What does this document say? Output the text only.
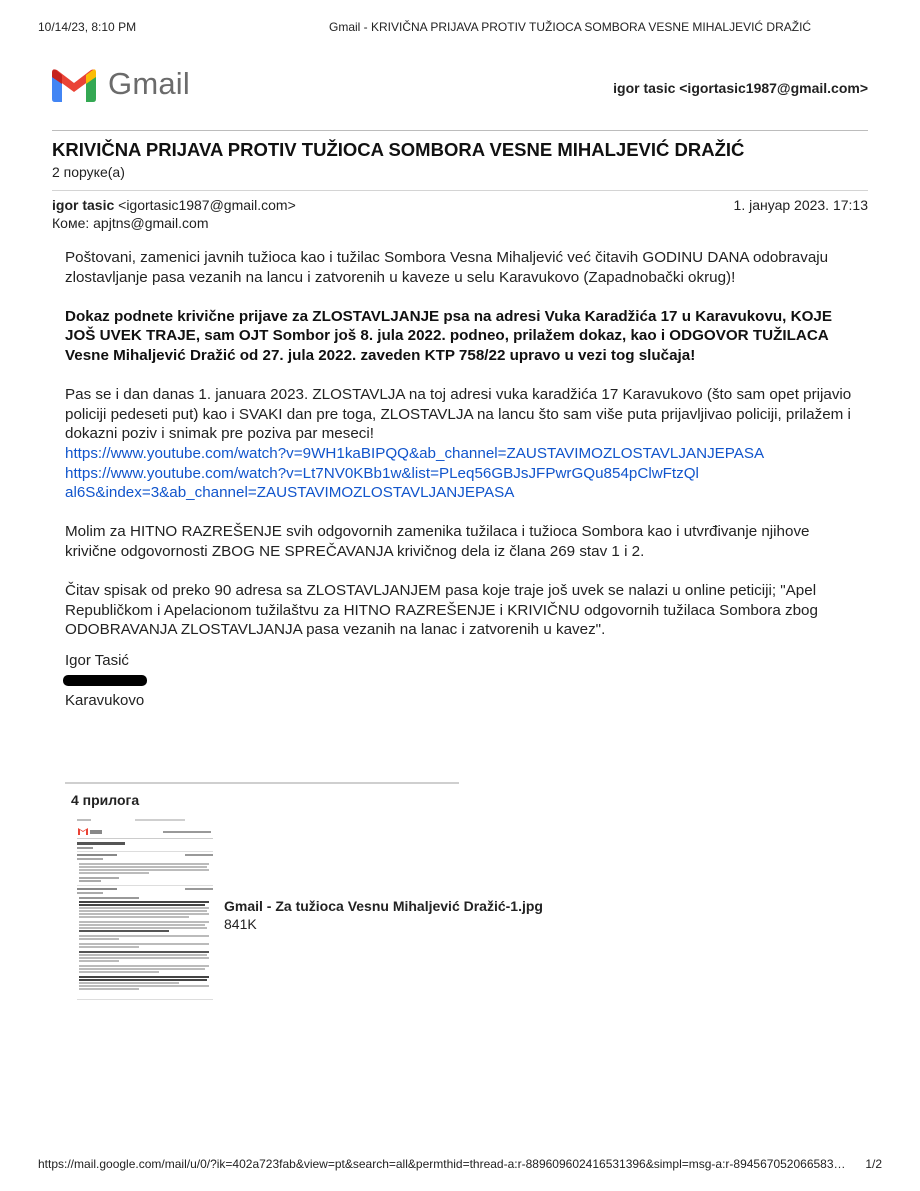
10/14/23, 8:10 PM	Gmail - KRIVIČNA PRIJAVA PROTIV TUŽIOCA SOMBORA VESNE MIHALJEVIĆ DRAŽIĆ
Gmail	igor tasic <igortasic1987@gmail.com>
KRIVIČNA PRIJAVA PROTIV TUŽIOCA SOMBORA VESNE MIHALJEVIĆ DRAŽIĆ
2 поруке(а)
igor tasic <igortasic1987@gmail.com>
Коме: apjtns@gmail.com
1. јануар 2023. 17:13

Poštovani, zamenici javnih tužioca kao i tužilac Sombora Vesna Mihaljević već čitavih GODINU DANA odobravaju zlostavljanje pasa vezanih na lancu i zatvorenih u kaveze u selu Karavukovo (Zapadnobački okrug)!

Dokaz podnete krivične prijave za ZLOSTAVLJANJE psa na adresi Vuka Karadžića 17 u Karavukovu, KOJE JOŠ UVEK TRAJE, sam OJT Sombor još 8. jula 2022. podneo, prilažem dokaz, kao i ODGOVOR TUŽILACA Vesne Mihaljević Dražić od 27. jula 2022. zaveden KTP 758/22 upravo u vezi tog slučaja!

Pas se i dan danas 1. januara 2023. ZLOSTAVLJA na toj adresi vuka karadžića 17 Karavukovo (što sam opet prijavio policiji pedeseti put) kao i SVAKI dan pre toga, ZLOSTAVLJA na lancu što sam više puta prijavljivao policiji, prilažem i dokazni poziv i snimak pre poziva par meseci!
https://www.youtube.com/watch?v=9WH1kaBIPQQ&ab_channel=ZAUSTAVIMOZLOSTAVLJANJEPASA
https://www.youtube.com/watch?v=Lt7NV0KBb1w&list=PLeq56GBJsJFPwrGQu854pClwFtzQl
al6S&index=3&ab_channel=ZAUSTAVIMOZLOSTAVLJANJEPASA

Molim za HITNO RAZREŠENJE svih odgovornih zamenika tužilaca i tužioca Sombora kao i utvrđivanje njihove krivične odgovornosti ZBOG NE SPREČAVANJA krivičnog dela iz člana 269 stav 1 i 2.

Čitav spisak od preko 90 adresa sa ZLOSTAVLJANJEM pasa koje traje još uvek se nalazi u online peticiji; "Apel Republičkom i Apelacionom tužilaštvu za HITNO RAZREŠENJE i KRIVIČNU odgovornih tužilaca Sombora zbog ODOBRAVANJA ZLOSTAVLJANJA pasa vezanih na lanac i zatvorenih u kavez".

Igor Tasić
Karavukovo
4 прилога
Gmail - Za tužioca Vesnu Mihaljević Dražić-1.jpg
841K
https://mail.google.com/mail/u/0/?ik=402a723fab&view=pt&search=all&permthid=thread-a:r-889609602416531396&simpl=msg-a:r-894567052066583… 1/2
